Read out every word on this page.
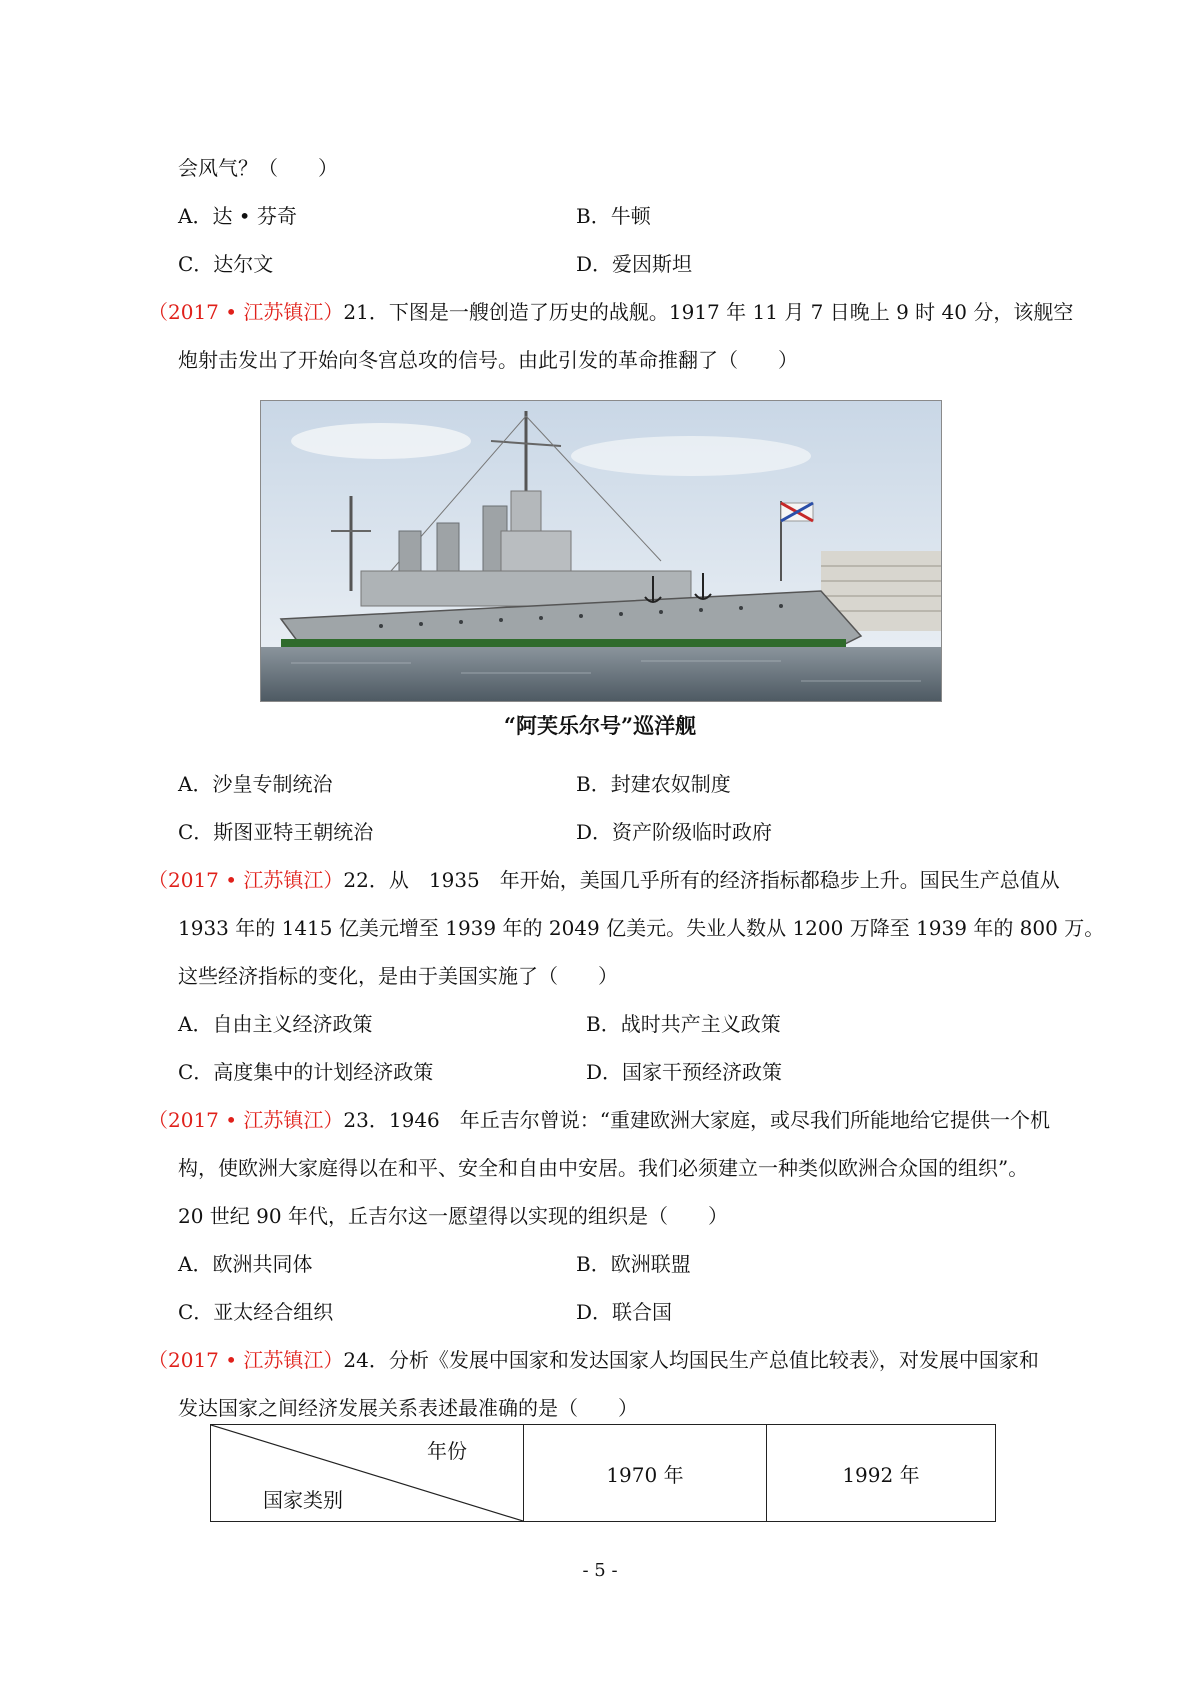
会风气？（　　）
A．达 • 芬奇	B．牛顿
C．达尔文	D．爱因斯坦
（2017 • 江苏镇江）21．下图是一艘创造了历史的战舰。1917 年 11 月 7 日晚上 9 时 40 分，该舰空
炮射击发出了开始向冬宫总攻的信号。由此引发的革命推翻了（　　）
“阿芙乐尔号”巡洋舰
A．沙皇专制统治	B．封建农奴制度
C．斯图亚特王朝统治	D．资产阶级临时政府
（2017 • 江苏镇江）22．从　1935　年开始，美国几乎所有的经济指标都稳步上升。国民生产总值从
1933 年的 1415 亿美元增至 1939 年的 2049 亿美元。失业人数从 1200 万降至 1939 年的 800 万。
这些经济指标的变化，是由于美国实施了（　　）
A．自由主义经济政策	B．战时共产主义政策
C．高度集中的计划经济政策	D．国家干预经济政策
（2017 • 江苏镇江）23．1946　年丘吉尔曾说：“重建欧洲大家庭，或尽我们所能地给它提供一个机
构，使欧洲大家庭得以在和平、安全和自由中安居。我们必须建立一种类似欧洲合众国的组织”。
20 世纪 90 年代，丘吉尔这一愿望得以实现的组织是（　　）
A．欧洲共同体	B．欧洲联盟
C．亚太经合组织	D．联合国
（2017 • 江苏镇江）24．分析《发展中国家和发达国家人均国民生产总值比较表》，对发展中国家和
发达国家之间经济发展关系表述最准确的是（　　）
年份
国家类别
	1970 年	1992 年
- 5 -
